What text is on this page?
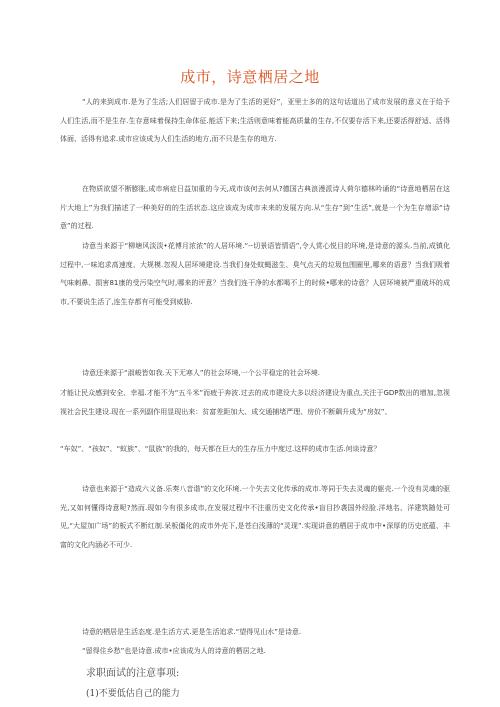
成市，诗意栖居之地
“人的来到成市.是为了生活;人们居留于成市.是为了生活的更好”，亚里士多的的这句话道出了成市发展的意义在于给予人们生活,而不是生存.生存意味着保持生命体征.能活下来;生活则意味着能高质量的生存,不仅要存活下来,还要活得舒适、活得体面、活得有追求.成市应该成为人们生活的地方,而不只是生存的地方.
在物质欲望不断膨胀,成市病症日益加重的今天,成市该何去何从?德国古典浪漫派诗人荷尔德林吟诵的“诗意地栖居在这片大地上”为我们描述了一种美好的的生活状态.这应该成为成市未来的发展方向.从“生存”到“生活”,就是一个为生存增添“诗意”的过程.
诗意当来源于“柳塘风淡淡•花博月浓浓”的人居环境.“--切景语皆情语”,令人赏心悦目的环境,是诗意的源头.当前,成镇化过程中,一味追求高速度、大规模.忽视人居环境建设.当我们身处蚊蝇滋生、臭气点天的垃圾包围圈里,哪来的语意？当我们吸着气味刺鼻、损害81康的受污染空气时,哪来的评意？当我们连干净的水都喝不上的时候•哪来的诗意？人居环境被严重破坏的成市,不要说生活了,连生存都有可能受到威胁.
诗意还来源于“淑峻皆如我.天下无寒人”的社会环境,一个公平稳定的社会环境.
才能让民众感到安全、幸福.才能不为“五斗米”而疲于奔波.过去的成市建设大多以经济建设为重点,关注于GDP数出的增加,忽视视社会民生建设.现在一系列副作用显现出来：贫富差距加大、成交通捕堵严理、房价不断飙升成为“房奴”、
“车奴”、“孩奴”、“蚁族”、“鼠族”的我的，每天都在巨大的生存压力中度过.这样的成市生活.何谈诗意？
诗意也来源于“造成六义备.乐奏八音谐”的文化环境.一个失去文化传承的成市.等同于失去灵魂的躯壳.一个没有灵魂的驱光,又如何懂得诗意呢?然而.现如今有很多成市,在发展过程中不注重历史文化传承•盲目抄袭国外经脸.洋地名、洋建筑随处可见,“大屋加广场”的板式不断红制.呆板僵化的成市外壳下,是苍白浅薄的“灵现”.实现讲意的栖居于成市中•深厚的历史底蕴、丰富的文化内涵必不可少.
诗意的栖居是生活态度.是生活方式.更是生活追求.“望得见山水”是诗意.
“留得住乡愁”也是诗意.成市•应该成为人的诗意的栖居之地.
求职面试的注意事项:
(1)不要低估自己的能力
